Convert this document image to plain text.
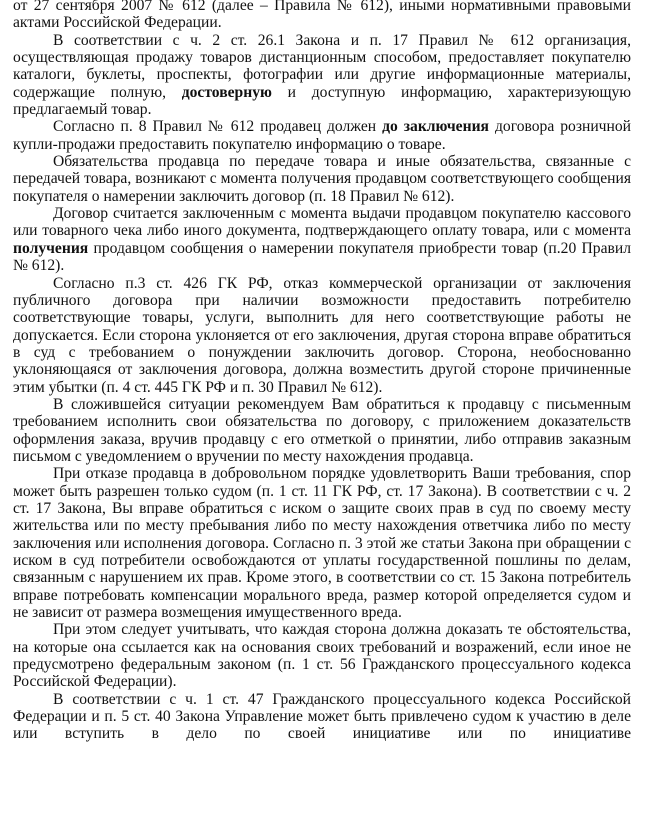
от 27 сентября 2007 № 612 (далее – Правила № 612), иными нормативными правовыми актами Российской Федерации.

В соответствии с ч. 2 ст. 26.1 Закона и п. 17 Правил № 612 организация, осуществляющая продажу товаров дистанционным способом, предоставляет покупателю каталоги, буклеты, проспекты, фотографии или другие информационные материалы, содержащие полную, достоверную и доступную информацию, характеризующую предлагаемый товар.

Согласно п. 8 Правил № 612 продавец должен до заключения договора розничной купли-продажи предоставить покупателю информацию о товаре.

Обязательства продавца по передаче товара и иные обязательства, связанные с передачей товара, возникают с момента получения продавцом соответствующего сообщения покупателя о намерении заключить договор (п. 18 Правил № 612).

Договор считается заключенным с момента выдачи продавцом покупателю кассового или товарного чека либо иного документа, подтверждающего оплату товара, или с момента получения продавцом сообщения о намерении покупателя приобрести товар (п.20 Правил № 612).

Согласно п.3 ст. 426 ГК РФ, отказ коммерческой организации от заключения публичного договора при наличии возможности предоставить потребителю соответствующие товары, услуги, выполнить для него соответствующие работы не допускается. Если сторона уклоняется от его заключения, другая сторона вправе обратиться в суд с требованием о понуждении заключить договор. Сторона, необоснованно уклоняющаяся от заключения договора, должна возместить другой стороне причиненные этим убытки (п. 4 ст. 445 ГК РФ и п. 30 Правил № 612).

В сложившейся ситуации рекомендуем Вам обратиться к продавцу с письменным требованием исполнить свои обязательства по договору, с приложением доказательств оформления заказа, вручив продавцу с его отметкой о принятии, либо отправив заказным письмом с уведомлением о вручении по месту нахождения продавца.

При отказе продавца в добровольном порядке удовлетворить Ваши требования, спор может быть разрешен только судом (п. 1 ст. 11 ГК РФ, ст. 17 Закона). В соответствии с ч. 2 ст. 17 Закона, Вы вправе обратиться с иском о защите своих прав в суд по своему месту жительства или по месту пребывания либо по месту нахождения ответчика либо по месту заключения или исполнения договора. Согласно п. 3 этой же статьи Закона при обращении с иском в суд потребители освобождаются от уплаты государственной пошлины по делам, связанным с нарушением их прав. Кроме этого, в соответствии со ст. 15 Закона потребитель вправе потребовать компенсации морального вреда, размер которой определяется судом и не зависит от размера возмещения имущественного вреда.

При этом следует учитывать, что каждая сторона должна доказать те обстоятельства, на которые она ссылается как на основания своих требований и возражений, если иное не предусмотрено федеральным законом (п. 1 ст. 56 Гражданского процессуального кодекса Российской Федерации).

В соответствии с ч. 1 ст. 47 Гражданского процессуального кодекса Российской Федерации и п. 5 ст. 40 Закона Управление может быть привлечено судом к участию в деле или вступить в дело по своей инициативе или по инициативе
